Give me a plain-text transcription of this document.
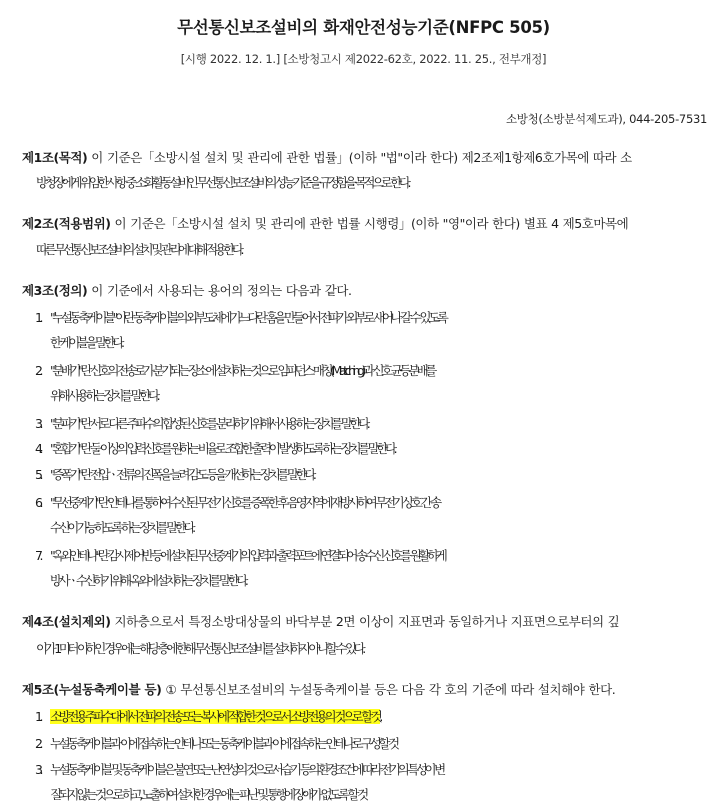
무선통신보조설비의 화재안전성능기준(NFPC 505)
[시행 2022. 12. 1.] [소방청고시 제2022-62호, 2022. 11. 25., 전부개정]
소방청(소방분석제도과), 044-205-7531
제1조(목적) 이 기준은「소방시설 설치 및 관리에 관한 법률」(이하 "법"이라 한다) 제2조제1항제6호가목에 따라 소
방청장에게 위임한 사항 중 소화활동설비인 무선통신보조설비의 성능기준을 규정함을 목적으로 한다.
제2조(적용범위) 이 기준은「소방시설 설치 및 관리에 관한 법률 시행령」(이하 "영"이라 한다) 별표 4 제5호마목에
따른 무선통신보조설비의 설치 및 관리에 대해 적용한다.
제3조(정의) 이 기준에서 사용되는 용어의 정의는 다음과 같다.
1. "누설동축케이블"이란 동축케이블의 외부도체에 가느다란 홈을 만들어서 전파가 외부로 새어나 갈 수 있도록
한 케이블을 말한다.
2. "분배기"란 신호의 전송로가 분기되는 장소에 설치하는 것으로 임피던스 매칭(Matching)과 신호 균등분배를
위해 사용하는 장치를 말한다.
3. "분파기"란 서로 다른 주파수의 합성된 신호를 분리하기 위해서 사용하는 장치를 말한다.
4. "혼합기"란 둘 이상의 입력신호를 원하는 비율로 조합한 출력이 발생하도록 하는 장치를 말한다.
5. "증폭기"란 전압ㆍ전류의 진폭을 늘려 감도 등을 개선하는 장치를 말한다.
6. "무선중계기"란 안테나를 통하여 수신된 무전기 신호를 증폭한 후 음영지역에 재방사하여 무전기 상호 간 송
수신이 가능하도록 하는 장치를 말한다.
7. "옥외안테나"란 감시제어반 등에 설치된 무선중계기의 입력과 출력포트에 연결되어 송수신 신호를 원활하게
방사ㆍ수신하기 위해 옥외에 설치하는 장치를 말한다.
제4조(설치제외) 지하층으로서 특정소방대상물의 바닥부분 2면 이상이 지표면과 동일하거나 지표면으로부터의 깊
이가 1미터 이하인 경우에는 해당 층에 한해 무선통신보조설비를 설치하지 아니할 수 있다.
제5조(누설동축케이블 등) ① 무선통신보조설비의 누설동축케이블 등은 다음 각 호의 기준에 따라 설치해야 한다.
1. 소방전용주파수대에서 전파의 전송 또는 복사에 적합한 것으로서 소방전용의 것으로 할 것.
2. 누설동축케이블과 이에 접속하는 안테나 또는 동축케이블과 이에 접속하는 안테나로 구성할 것
3. 누설동축케이블 및 동축케이블은 불연 또는 난연성의 것으로서 습기 등의 환경조건에 따라 전기의 특성이 변
질되지 않는 것으로 하고, 노출하여 설치한 경우에는 피난 및 통행에 장애가 없도록 할 것
